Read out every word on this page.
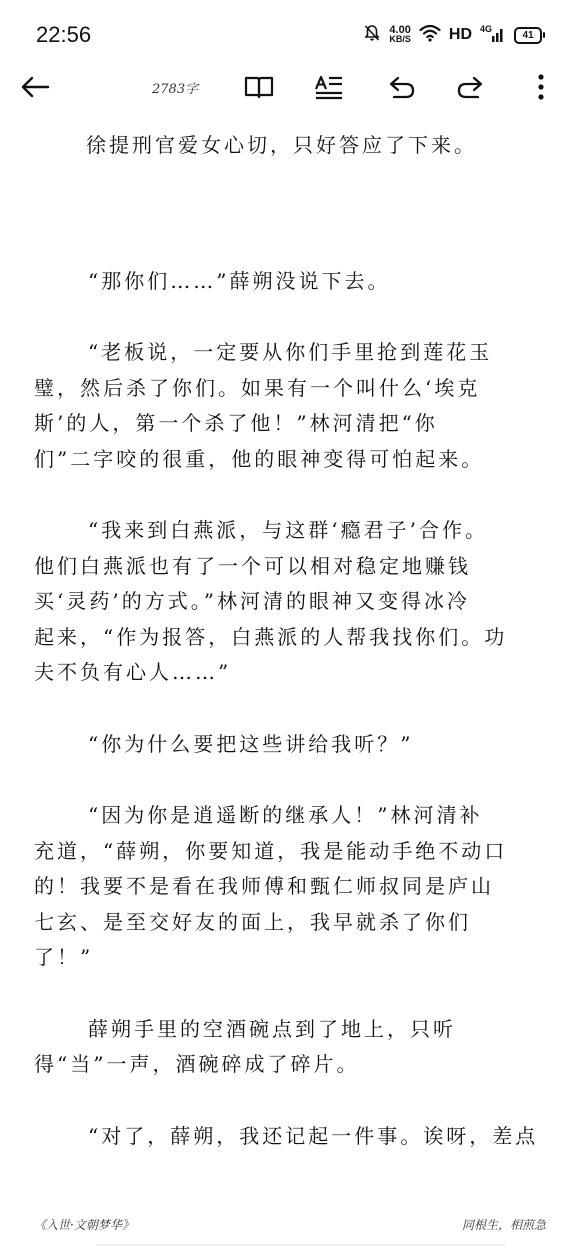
22:56	4.00
KB/S HD 4G
41
2783字

徐提刑官爱女心切，只好答应了下来。

“那你们……”薛朔没说下去。

“老板说，一定要从你们手里抢到莲花玉
璧，然后杀了你们。如果有一个叫什么‘埃克
斯’的人，第一个杀了他！”林河清把“你
们”二字咬的很重，他的眼神变得可怕起来。

“我来到白燕派，与这群‘瘾君子’合作。
他们白燕派也有了一个可以相对稳定地赚钱
买‘灵药’的方式。”林河清的眼神又变得冰冷
起来，“作为报答，白燕派的人帮我找你们。功
夫不负有心人……”

“你为什么要把这些讲给我听？”

“因为你是逍遥断的继承人！”林河清补
充道，“薛朔，你要知道，我是能动手绝不动口
的！我要不是看在我师傅和甄仁师叔同是庐山
七玄、是至交好友的面上，我早就杀了你们
了！”

薛朔手里的空酒碗点到了地上，只听
得“当”一声，酒碗碎成了碎片。

“对了，薛朔，我还记起一件事。诶呀，差点

《入世·文朝梦华》	同根生，相煎急
